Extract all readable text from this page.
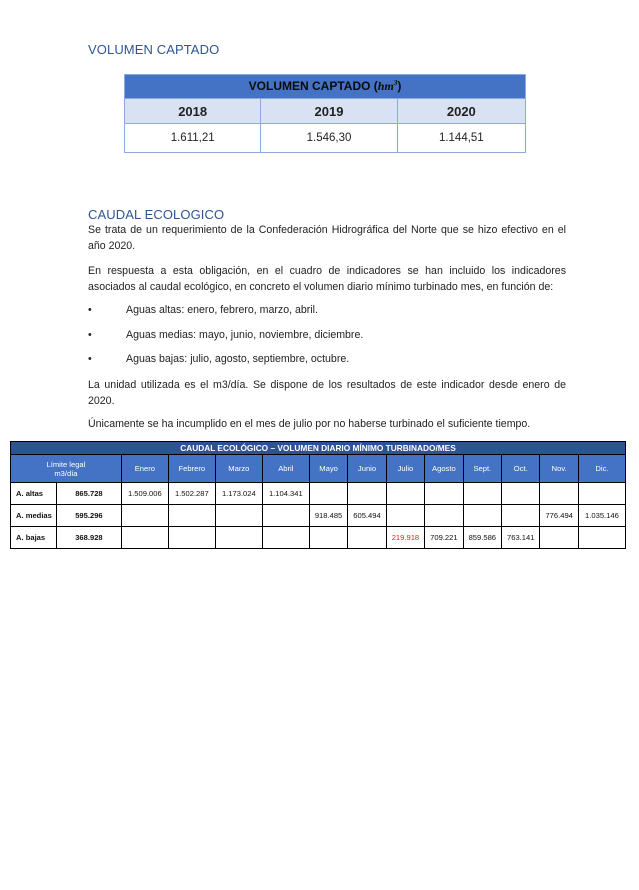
VOLUMEN CAPTADO
VOLUMEN CAPTADO $(hm^3)$		
2018	2019	2020
1.611,21	1.546,30	1.144,51
CAUDAL ECOLOGICO
Se trata de un requerimiento de la Confederación Hidrográfica del Norte que se hizo efectivo en el año 2020.
En respuesta a esta obligación, en el cuadro de indicadores se han incluido los indicadores asociados al caudal ecológico, en concreto el volumen diario mínimo turbinado mes, en función de:
•	Aguas altas: enero, febrero, marzo, abril.
•	Aguas medias: mayo, junio, noviembre, diciembre.
•	Aguas bajas: julio, agosto, septiembre, octubre.
La unidad utilizada es el m3/día. Se dispone de los resultados de este indicador desde enero de 2020.
Únicamente se ha incumplido en el mes de julio por no haberse turbinado el suficiente tiempo.
CAUDAL ECOLÓGICO – VOLUMEN DIARIO MÍNIMO TURBINADO/MES													

Límite legal
m3/día		Enero	Febrero	Marzo	Abril	Mayo	Junio	Julio	Agosto	Sept.	Oct.	Nov.	Dic.
A. altas	865.728	1.509.006	1.502.287	1.173.024	1.104.341								
A. medias	595.296					918.485	605.494					776.494	1.035.146
A. bajas	368.928							219.918	709.221	859.586	763.141		
